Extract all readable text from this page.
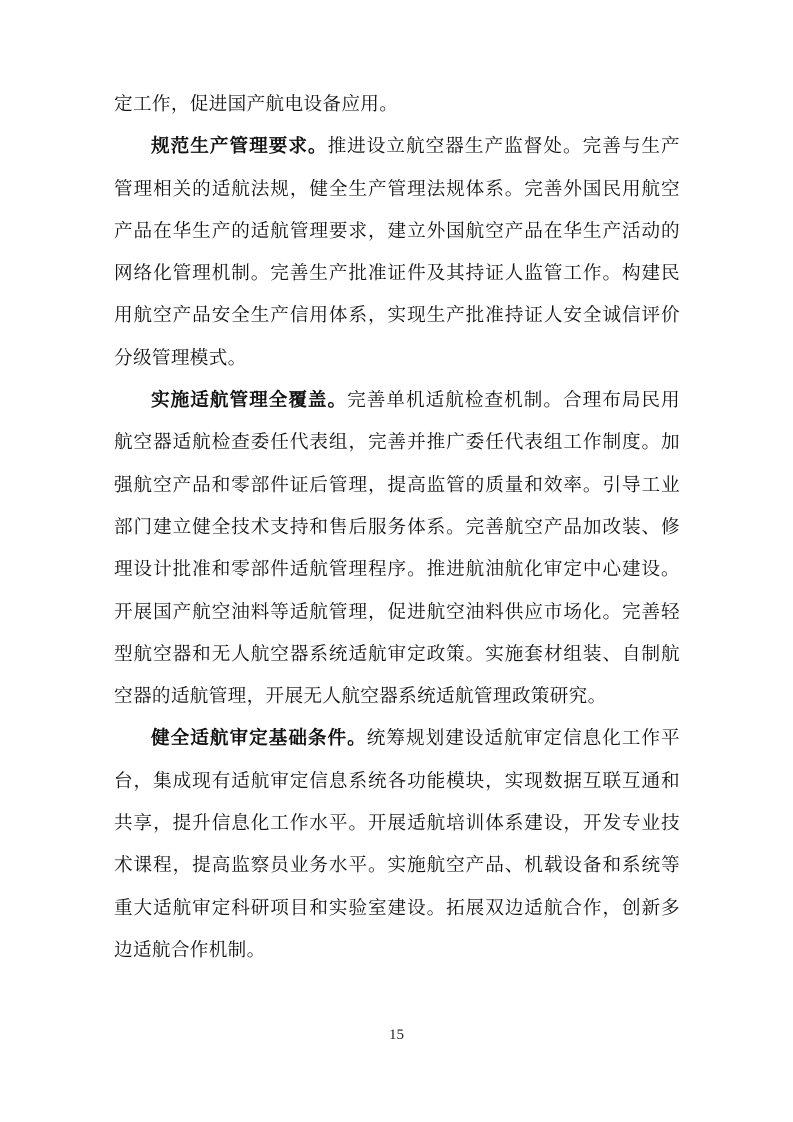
定工作，促进国产航电设备应用。

规范生产管理要求。推进设立航空器生产监督处。完善与生产管理相关的适航法规，健全生产管理法规体系。完善外国民用航空产品在华生产的适航管理要求，建立外国航空产品在华生产活动的网络化管理机制。完善生产批准证件及其持证人监管工作。构建民用航空产品安全生产信用体系，实现生产批准持证人安全诚信评价分级管理模式。

实施适航管理全覆盖。完善单机适航检查机制。合理布局民用航空器适航检查委任代表组，完善并推广委任代表组工作制度。加强航空产品和零部件证后管理，提高监管的质量和效率。引导工业部门建立健全技术支持和售后服务体系。完善航空产品加改装、修理设计批准和零部件适航管理程序。推进航油航化审定中心建设。开展国产航空油料等适航管理，促进航空油料供应市场化。完善轻型航空器和无人航空器系统适航审定政策。实施套材组装、自制航空器的适航管理，开展无人航空器系统适航管理政策研究。

健全适航审定基础条件。统筹规划建设适航审定信息化工作平台，集成现有适航审定信息系统各功能模块，实现数据互联互通和共享，提升信息化工作水平。开展适航培训体系建设，开发专业技术课程，提高监察员业务水平。实施航空产品、机载设备和系统等重大适航审定科研项目和实验室建设。拓展双边适航合作，创新多边适航合作机制。

15
